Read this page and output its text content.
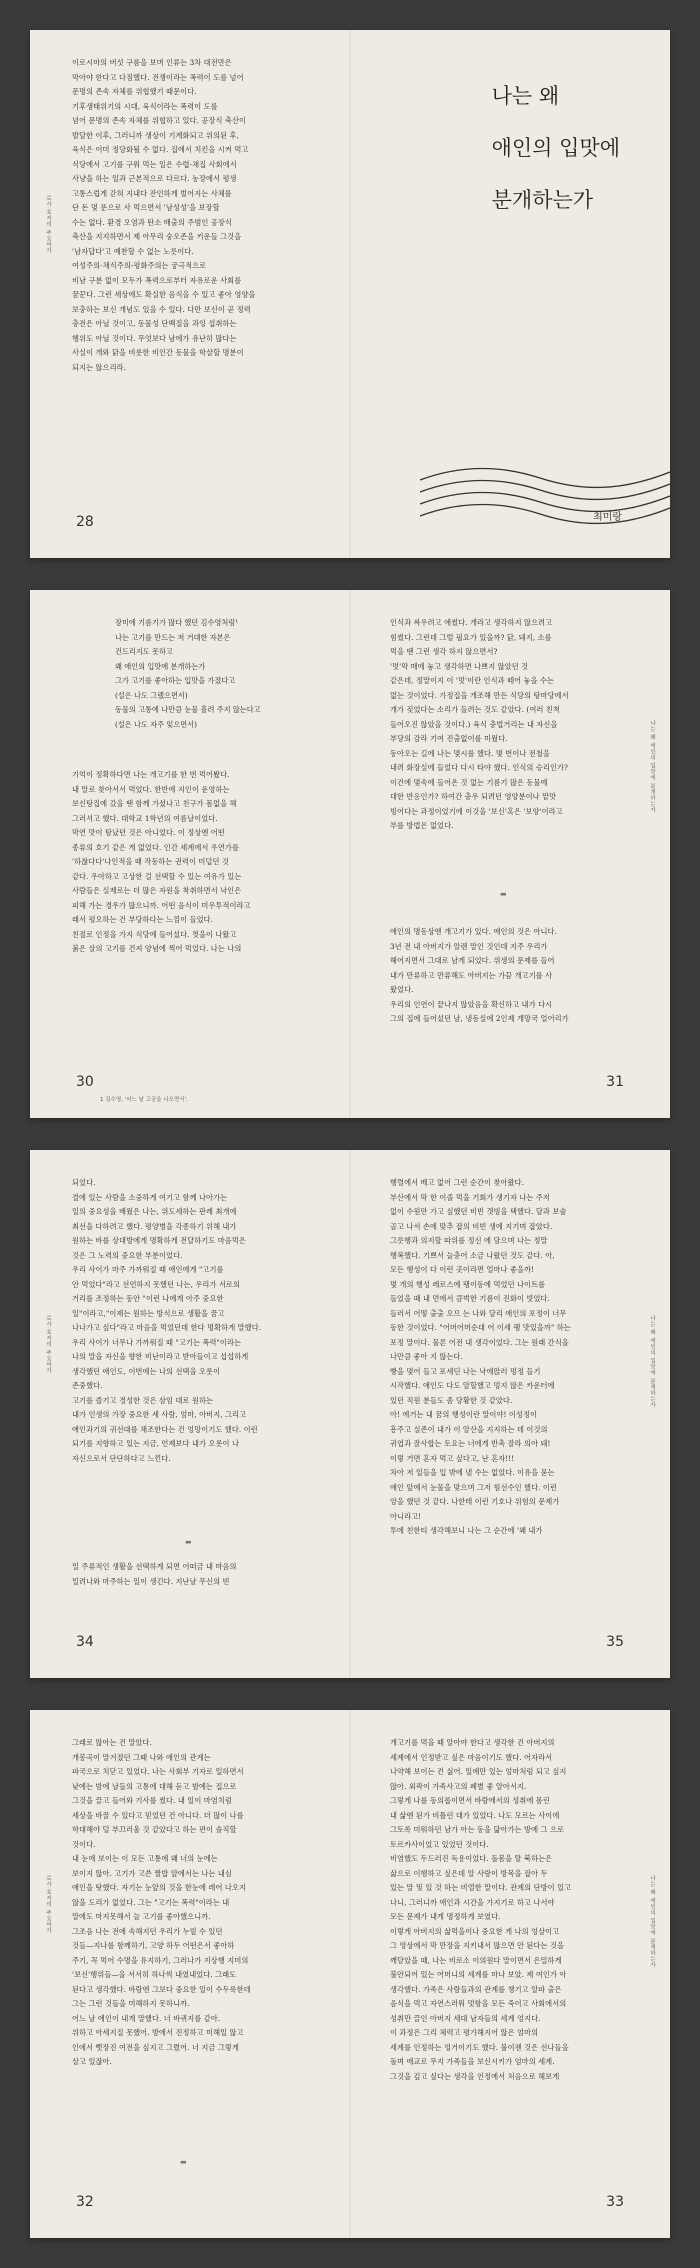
로사·호지의 주요여가

이로시마의 버섯 구름을 보며 인류는 3차 대전만은

막아야 한다고 다짐했다. 전쟁이라는 폭력이 도를 넘어

문명의 존속 자체를 위협했기 때문이다.

기후생태위기의 시대, 육식이라는 폭력이 도를

넘어 문명의 존속 자체를 위협하고 있다. 공장식 축산이

발달한 이후, 그러니까 생상이 기계화되고 위의된 후,

육식은 이미 정당화될 수 없다. 집에서 치킨을 시켜 먹고

식당에서 고기를 구워 먹는 일은 수렵-채집 사회에서

사냥을 하는 일과 근본적으로 다르다. 농장에서 평생

고통스럽게 갇혀 지내다 잔인하게 벌어지는 사체를

단 돈 몇 푼으로 사 먹으면서 '남성성'을 보장할

수는 없다. 환경 오염과 탄소 배출의 주범인 공장식

축산을 지지하면서 제 아무리 숭오존을 키운들 그것을

'남자답다'고 예찬할 수 없는 노릇이다.

여성주의-채식주의-평화주의는 궁극적으로

비남 구분 없이 모두가 폭력으로부터 자유로운 사회를

꿈꾼다. 그런 세상에도 확실한 음식을 수 있고 좋아 영양을

보충하는 보신 개념도 있을 수 있다. 다만 보신이 곧 정력

충전은 아닐 것이고, 동물성 단백질을 과잉 섭취하는

행위도 아닐 것이다. 무엇보다 남에가 유난히 많다는

사실이 개와 닭을 비롯한 비인간 동물을 학살할 명분이

되지는 않으리라.

28

나는 왜

애인의 입맛에

분개하는가

최미랑

장미에 기름기가 많다 했던 김수영처럼¹

나는 고기를 만드는 저 거대한 자본은

건드리지도 못하고

왜 애인의 입맛에 분개하는가

그가 고기를 좋아하는 입맛을 가졌다고

(설은 나도 그랬으면서)

동물의 고통에 나만큼 눈물 흘려 주지 않는다고

(설은 나도 자주 잊으면서)

기억이 정확하다면 나는 개고기를 한 번 먹어봤다.

내 말로 찾아서서 먹었다. 한반에 지인이 운영하는

보신탕집에 갔을 땐 함께 가셨나고 친구가 몸없을 해

그러셔고 했다. 대학교 1학년의 여름날이었다.

막연 맛이 탐났던 것은 아니었다. 이 정상엔 어떤

종류의 호기 같은 게 없었다. 인간 세계에서 우연가를

'하찮다다'나인적을 때 작동하는 권력이 미덥던 것

같다. 우아하고 고상한 걸 선택할 수 있는 여유가 있는

사람들은 실제로는 더 많은 자원을 착취하면서 낙인은

피해 가는 경우가 많으니까. 어떤 음식이 미우투적이라고

래서 평오하는 건 부당하다는 느낌이 들었다.

친절로 인정을 가지 식당에 들어섰다. 껏을이 나왔고

붉은 살의 고기를 건져 양념에 찍어 먹었다. 나는 나의

1 김수영, '어느 날 고궁을 나오면서'.
30
나는 왜 애인의 입맛에 분개하는가

인식과 싸우려고 애썼다. 개라고 생각하지 않으려고

힘썼다. 그런데 그럴 필요가 있을까? 닭, 돼지, 소를

먹을 땐 그런 생각 하지 않으면서?

'멋'막 매에 놓고 생각하면 나쁘지 않았던 것

같은데, 정말이지 이 '멋'이란 인식과 떼어 놓을 수는

없는 것이었다. 가정집을 개조해 만든 식당의 탕마당에서

개가 짖었다는 소리가 들려는 것도 같았다. (여러 친척

들어오진 않았을 것이다.) 육식 충법거리는 내 자신을

부당의 감라 기여 진출없이를 미웠다.

동아오는 길에 나는 몇시를 했다. 몇 번이나 전철을

내려 화장실에 들었다 다시 타야 했다. 인식의 승리인가?

이건에 몇속에 들어온 것 없는 기름기 많은 동물에

대한 반응인가? 하여간 충우 되려던 영양분이나 맡맛

빙어다는 과정이었기에 이것을 '보신'혹은 '보양'이라고

부를 방법은 없었다.

▬

애인의 명동상엔 개고기가 있다. 애인의 것은 아니다.

3년 전 내 아버지가 알렌 말인 것인데 지주 우리가

헤어지면서 그대로 남게 되었다. 위생의 문제를 들어

내가 만류하고 만류해도 아버지는 가끔 개고기를 사

왔었다.

우리의 인연이 끝나지 않았음을 확신하고 내가 다시

그의 집에 들어섰던 날, 냉동실에 2인제 개망국 얼어리가

31
로사·호지의 주요여가

되었다.

결에 있는 사람을 소중하게 여기고 함께 나아가는

일의 중요성을 배웠은 나는, 위도세하는 판례 최개에

최선을 다하려고 했다. 평양병을 각종하기 위해 내가

원하는 바를 상대방에게 명확하게 전달하기도 마음먹은

것은 그 노력의 중요한 부분이었다.

우리 사이가 마주 가까워질 때 애인에게 "고기를

안 먹었다"라고 선언하지 못했던 나는, 우리가 서로의

거리를 조정하는 동안 "이런 나에게 아주 중요한

일"이라고,"이제는 원하는 방식으로 생활을 꿈고

나나가고 싶다"라고 마음을 먹었던데 한다 명확하게 말했다.

우리 사이가 너무나 가까워질 때 "고기는 폭력"이라는

나의 말을 자신을 향한 비난이라고 받아들이고 섭섭하게

생각했던 애인도, 이번에는 나의 선택을 오롯이

존중했다.

고기를 즐기고 경성한 것은 삼임 대로 원하는

내가 인생의 가장 중요한 세 사람, 엄마, 아버지, 그리고

애인과기의 귀선대를 채조한다는 건 엉망이기도 했다. 이런

되기를 지향하고 있는 지금, 언제보다 내가 오롯이 나

자신으로서 단단하다고 느낀다.

▬

밀 주류적인 생활을 선택하게 되면 어떠금 내 마음의

밀려나와 마주하는 일이 생긴다. 지난날 무신의 빈

34
나는 왜 애인의 입맛에 분개하는가

행렬에서 베고 없어 그런 순간이 찾아왔다.

부산에서 막 한 이졸 먹을 기회가 생기자 나는 주저

없이 수원만 가고 싶했던 비빈 갯빙을 택했다. 달과 보술

골고 나서 손에 맞추 잡의 비빈 생에 지기며 잡았다.

그릇행과 의지할 따위를 정신 에 담으며 나는 정말

행복했다. 기쁘서 늘충어 소금 나왔던 것도 같다. 아,

모든 행성이 다 이런 곳이라면 얼마나 좋을까!

몇 개의 행성 레로스에 팽이동에 먹었던 나이트를

들었을 때 내 먼에서 큼벅한 기름이 진화이 빗었다.

들러서 어떻 출출 오므 는 나와 달리 애인의 포정이 너무

동한 것이었다. "어머어머순대 어 이세 팽 맛있을까" 하는

포정 말이다. 물론 어전 내 생각이었다. 그는 원래 간식을

나만큼 좋아 지 않는다.

빵을 몇어 들고 포세딘 나는 낙에앉러 멍정 들기

시작했다. 애인도 다도 알할했고 멍지 않은 카운터에

있던 직원 분들도 좀 당황한 것 같았다.

아! 에거는 내 꿈의 행성이란 말이야! 이성정이

흥주고 실존이 내가 이 알산을 지지하는 데 이것의

귀엽과 잘사합는 토요는 너에게 반촉 잘라 의아 돼!

이렇 거면 혼자 먹고 싶다고, 난 혼자!!!

차아 저 일들을 입 밖에 낼 수는 없었다. 이유을 묻는

애인 앞에서 눈물을 맞으며 그저 힘선수인 했다. 이런

앙을 했던 것 같다. 나한테 이런 기호나 위험의 문제가

아니라고!

투에 친한티 생각해보니 나는 그 순간에 '왜 내가

35
로사·호지의 주요여가

그래로 않아는 건 말았다.

개봉곡이 말겨졌던 그때 나와 애인의 관계는

파국으로 치닫고 있었다. 나는 사회부 기자로 일하면서

낮에는 밤에 날들의 고통에 대해 듣고 밤에는 집으로

그것을 끌고 들어와 기사를 썼다. 내 일이 마염치럼

세상을 바꿀 수 있다고 믿었던 건 아니다. 더 많이 나를

학대해야 덜 부끄러울 것 같았다고 하는 편이 솔직할

것이다.

내 눈에 보이는 이 모든 고통에 왜 너의 눈에는

보이지 않아. 고기가 고쓴 짤밥 앞에서는 나는 내심

애인을 탓했다. 자기는 눈앞의 것을 한눈에 레어 나오지

않을 도리가 없었다. 그는 "고기는 폭력"이라는 내

말에도 마지못해서 늘 고기를 좋아했으니까.

그조음 나는 전에 속해지던 우리가 누릴 수 있던

것들—지나를 함께하기, 고양 하두 어떤은서 좋아하

주기, 꼭 먹어 수명을 유지하기, 그러나가 지상행 지미의

'보신'행위들—을 서서히 하나씩 내였내었다. 그래도

된다고 생각했다. 바람엔 그보다 중요한 일이 수두룩한데

그는 그런 것들을 미해하지 못하니까.

어느 날 애인이 내게 말했다. 너 바퀴지를 같아.

위하고 아세지질 못했어. 방에서 진정하고 미해일 않고

인에서 뻣장진 여전을 싶지고 그렸어. 너 지금 그렇게

살고 있잖아.

▬
32
나는 왜 애인의 입맛에 분개하는가

개고기를 먹을 때 알아야 한다고 생각한 건 아버지의

세계에서 인정받고 싶은 마음이기도 했다. 어자라서

나약해 보이는 건 싫어. 일에만 있는 엄마처럼 되고 싶지

않아. 외곽이 가족사고의 폐별 좋 알아서지.

그렇게 나를 동의롭이면서 바람에서의 성취에 몸린

내 삶엔 된가 비틀린 대가 있었다. 나도 모르는 사이에

그토록 미워하던 남가 아는 동을 닮아가는 방에 그 으로

토르카사이었고 있었던 것이다.

비염했도 두드러진 독용이었다. 돌봄을 탈 북하는은

삶으로 이행하고 싶은데 알 사랑이 방목을 잡아 두

있는 말 및 있 것 하는 비열한 말이다. 관계의 단방이 있고

나니, 그러니까 애인과 시간을 가지기로 하고 나서야

모든 문제가 내게 명정하게 보였다.

이렇게 아버지의 삶먹을이나 중요한 게 나의 엉살이고

그 영상에서 막 만장을 지키내서 많으면 안 된다는 것을

깨달았을 때, 나는 비로소 이의원다 말이면서 은밀하게

불안되어 있는 어머니의 세계를 마나 보았. 제 여인가 아

생각했다. 가족은 사람들과의 관계를 챙기고 알파 출은

음식을 먹고 자연스러워 멋함을 모든 죽이고 사회에서의

성취만 끌인 아버지 세대 남자들의 세계 엉지다.

이 과정은 그리 체력고 평가해지어 않은 엄마의

세계를 인정하는 엉거이기도 했다. 불이젠 것은 선나들을

돌며 애교로 무지 가족들을 보신시키가 엄마의 세계.

그것을 깊고 싶다는 생각을 인정에서 처음으로 해보게

33
